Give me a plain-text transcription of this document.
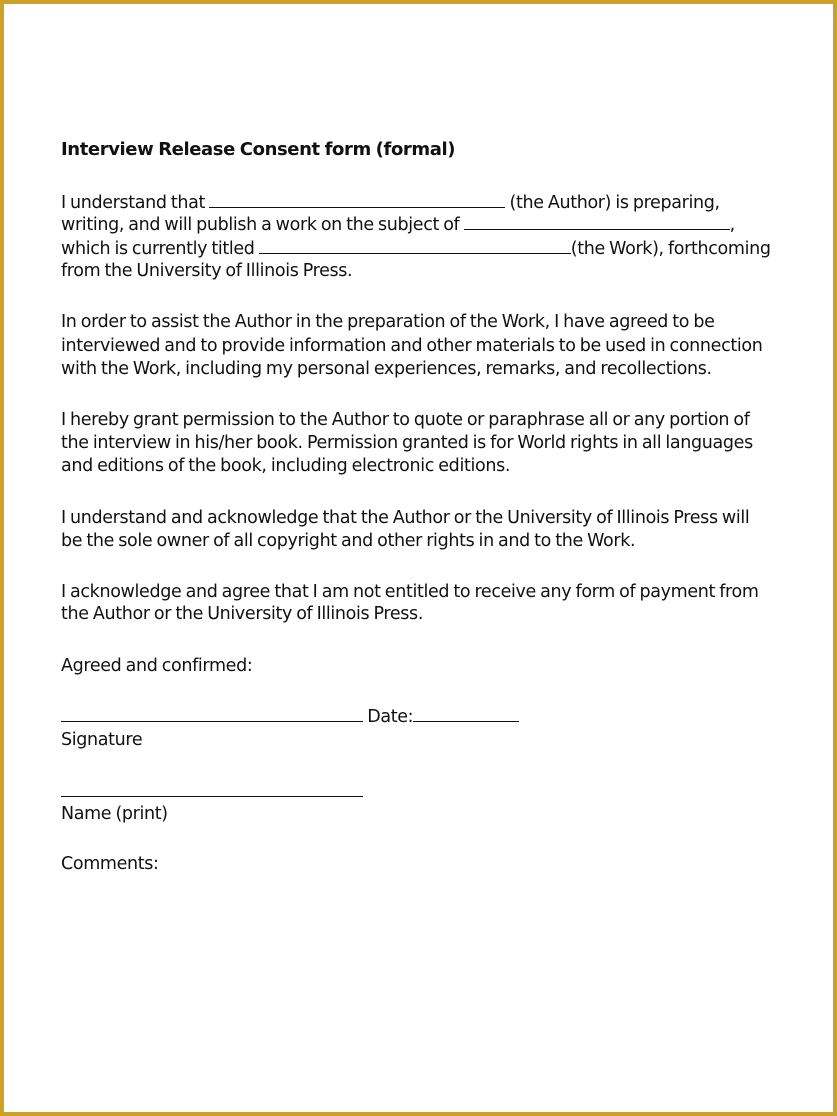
Interview Release Consent form (formal)
I understand that	(the Author) is preparing,
writing, and will publish a work on the subject of	,
which is currently titled	(the Work), forthcoming
from the University of Illinois Press.
In order to assist the Author in the preparation of the Work, I have agreed to be
interviewed and to provide information and other materials to be used in connection
with the Work, including my personal experiences, remarks, and recollections.
I hereby grant permission to the Author to quote or paraphrase all or any portion of
the interview in his/her book. Permission granted is for World rights in all languages
and editions of the book, including electronic editions.
I understand and acknowledge that the Author or the University of Illinois Press will
be the sole owner of all copyright and other rights in and to the Work.
I acknowledge and agree that I am not entitled to receive any form of payment from
the Author or the University of Illinois Press.
Agreed and confirmed:
Date:
Signature
Name (print)
Comments:
